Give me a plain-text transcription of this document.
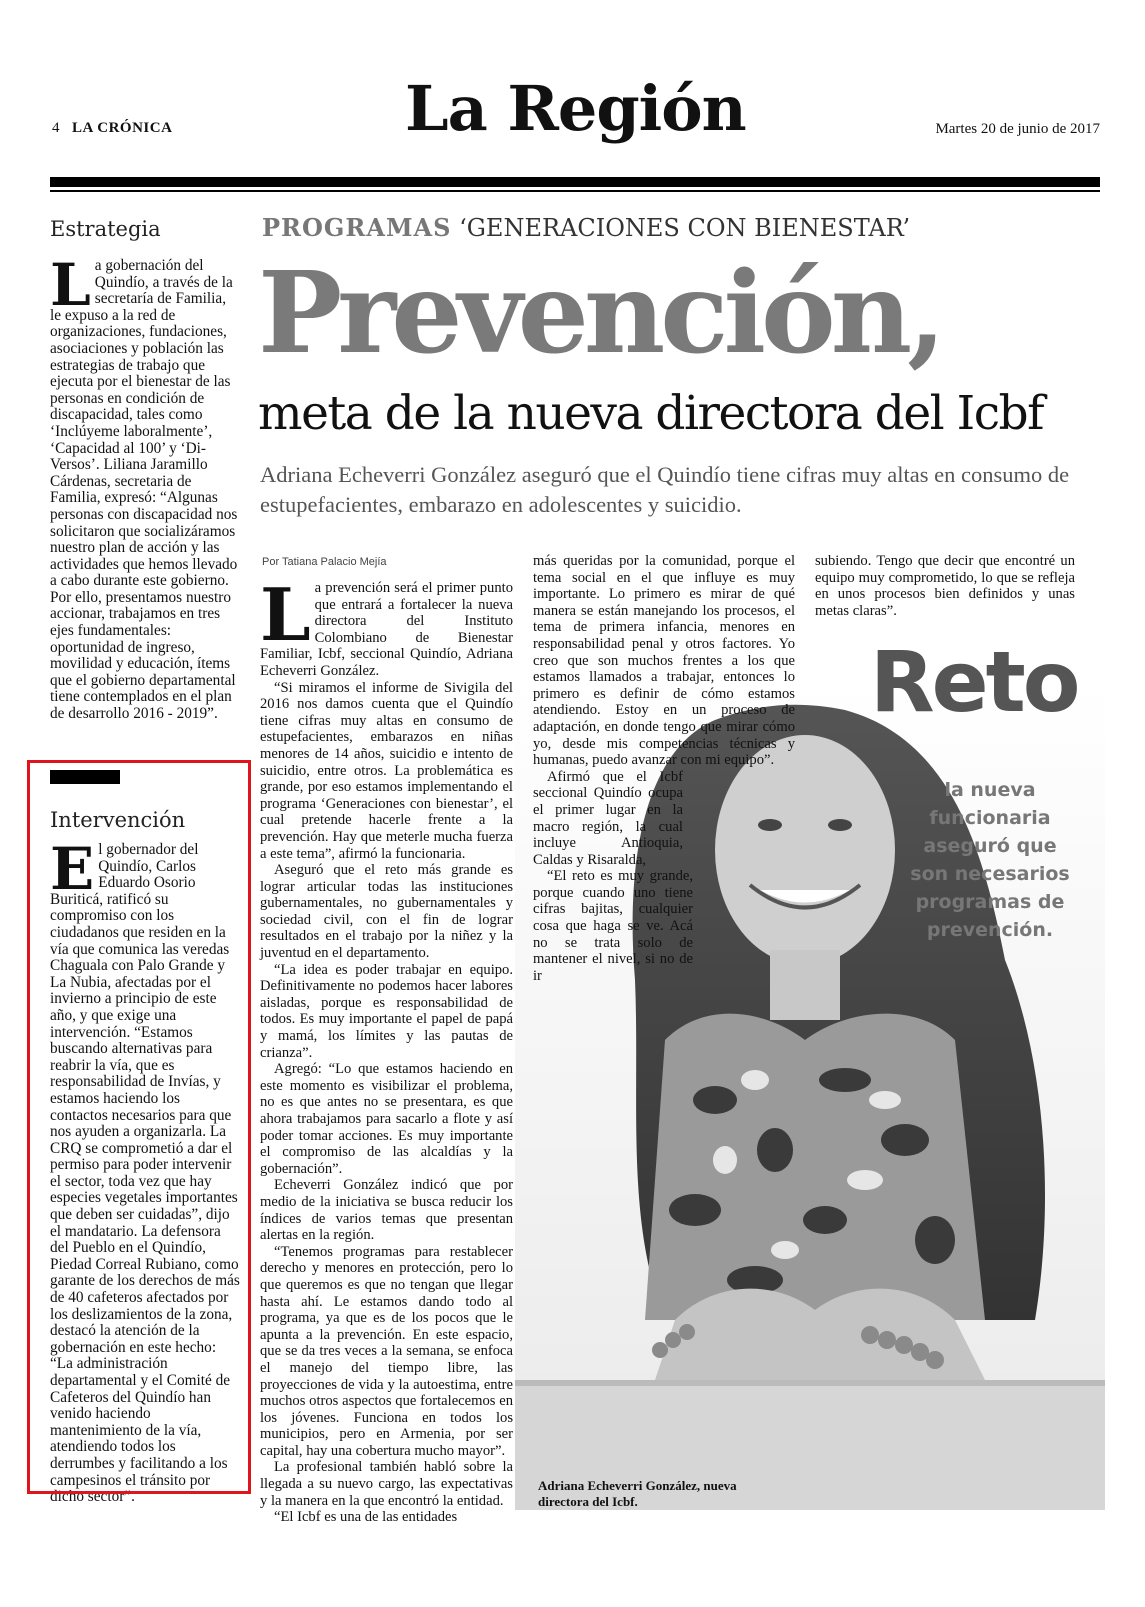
4 LA CRÓNICA	La Región	Martes 20 de junio de 2017
Estrategia
L a gobernación del Quindío, a través de la secretaría de Familia, le expuso a la red de organizaciones, fundaciones, asociaciones y población las estrategias de trabajo que ejecuta por el bienestar de las personas en condición de discapacidad, tales como ‘Inclúyeme laboralmente’, ‘Capacidad al 100’ y ‘Di-Versos’. Liliana Jaramillo Cárdenas, secretaria de Familia, expresó: “Algunas personas con discapacidad nos solicitaron que socializáramos nuestro plan de acción y las actividades que hemos llevado a cabo durante este gobierno. Por ello, presentamos nuestro accionar, trabajamos en tres ejes fundamentales: oportunidad de ingreso, movilidad y educación, ítems que el gobierno departamental tiene contemplados en el plan de desarrollo 2016 - 2019”.
Intervención
E l gobernador del Quindío, Carlos Eduardo Osorio Buriticá, ratificó su compromiso con los ciudadanos que residen en la vía que comunica las veredas Chaguala con Palo Grande y La Nubia, afectadas por el invierno a principio de este año, y que exige una intervención. “Estamos buscando alternativas para reabrir la vía, que es responsabilidad de Invías, y estamos haciendo los contactos necesarios para que nos ayuden a organizarla. La CRQ se comprometió a dar el permiso para poder intervenir el sector, toda vez que hay especies vegetales importantes que deben ser cuidadas”, dijo el mandatario. La defensora del Pueblo en el Quindío, Piedad Correal Rubiano, como garante de los derechos de más de 40 cafeteros afectados por los deslizamientos de la zona, destacó la atención de la gobernación en este hecho: “La administración departamental y el Comité de Cafeteros del Quindío han venido haciendo mantenimiento de la vía, atendiendo todos los derrumbes y facilitando a los campesinos el tránsito por dicho sector”.
PROGRAMAS ‘GENERACIONES CON BIENESTAR’
Prevención,
meta de la nueva directora del Icbf
Adriana Echeverri González aseguró que el Quindío tiene cifras muy altas en consumo de estupefacientes, embarazo en adolescentes y suicidio.
Por Tatiana Palacio Mejía

La prevención será el primer punto que entrará a fortalecer la nueva directora del Instituto Colombiano de Bienestar Familiar, Icbf, seccional Quindío, Adriana Echeverri González.

“Si miramos el informe de Sivigila del 2016 nos damos cuenta que el Quindío tiene cifras muy altas en consumo de estupefacientes, embarazos en niñas menores de 14 años, suicidio e intento de suicidio, entre otros. La problemática es grande, por eso estamos implementando el programa ‘Generaciones con bienestar’, el cual pretende hacerle frente a la prevención. Hay que meterle mucha fuerza a este tema”, afirmó la funcionaria.

Aseguró que el reto más grande es lograr articular todas las instituciones gubernamentales, no gubernamentales y sociedad civil, con el fin de lograr resultados en el trabajo por la niñez y la juventud en el departamento.

“La idea es poder trabajar en equipo. Definitivamente no podemos hacer labores aisladas, porque es responsabilidad de todos. Es muy importante el papel de papá y mamá, los límites y las pautas de crianza”.

Agregó: “Lo que estamos haciendo en este momento es visibilizar el problema, no es que antes no se presentara, es que ahora trabajamos para sacarlo a flote y así poder tomar acciones. Es muy importante el compromiso de las alcaldías y la gobernación”.

Echeverri González indicó que por medio de la iniciativa se busca reducir los índices de varios temas que presentan alertas en la región.

“Tenemos programas para restablecer derecho y menores en protección, pero lo que queremos es que no tengan que llegar hasta ahí. Le estamos dando todo al programa, ya que es de los pocos que le apunta a la prevención. En este espacio, que se da tres veces a la semana, se enfoca el manejo del tiempo libre, las proyecciones de vida y la autoestima, entre muchos otros aspectos que fortalecemos en los jóvenes. Funciona en todos los municipios, pero en Armenia, por ser capital, hay una cobertura mucho mayor”.

La profesional también habló sobre la llegada a su nuevo cargo, las expectativas y la manera en la que encontró la entidad.

“El Icbf es una de las entidades

más queridas por la comunidad, porque el tema social en el que influye es muy importante. Lo primero es mirar de qué manera se están manejando los procesos, el tema de primera infancia, menores en responsabilidad penal y otros factores. Yo creo que son muchos frentes a los que estamos llamados a trabajar, entonces lo primero es definir de cómo estamos atendiendo. Estoy en un proceso de adaptación, en donde tengo que mirar cómo yo, desde mis competencias técnicas y humanas, puedo avanzar con mi equipo”.

Afirmó que el Icbf seccional Quindío ocupa el primer lugar en la macro región, la cual incluye Antioquia, Caldas y Risaralda,

“El reto es muy grande, porque cuando uno tiene cifras bajitas, cualquier cosa que haga se ve. Acá no se trata solo de mantener el nivel, si no de ir

subiendo. Tengo que decir que encontré un equipo muy comprometido, lo que se refleja en unos procesos bien definidos y unas metas claras”.

Reto
la nueva funcionaria aseguró que son necesarios programas de prevención.
Adriana Echeverri González, nueva directora del Icbf.
